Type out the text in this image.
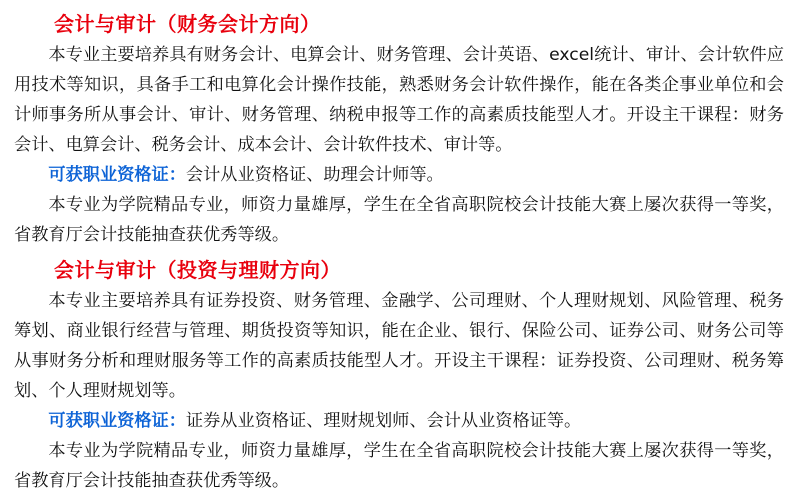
会计与审计（财务会计方向）

本专业主要培养具有财务会计、电算会计、财务管理、会计英语、excel统计、审计、会计软件应用技术等知识，具备手工和电算化会计操作技能，熟悉财务会计软件操作，能在各类企事业单位和会计师事务所从事会计、审计、财务管理、纳税申报等工作的高素质技能型人才。开设主干课程：财务会计、电算会计、税务会计、成本会计、会计软件技术、审计等。

可获职业资格证：会计从业资格证、助理会计师等。

本专业为学院精品专业，师资力量雄厚，学生在全省高职院校会计技能大赛上屡次获得一等奖，省教育厅会计技能抽查获优秀等级。

会计与审计（投资与理财方向）

本专业主要培养具有证券投资、财务管理、金融学、公司理财、个人理财规划、风险管理、税务筹划、商业银行经营与管理、期货投资等知识，能在企业、银行、保险公司、证券公司、财务公司等从事财务分析和理财服务等工作的高素质技能型人才。开设主干课程：证券投资、公司理财、税务筹划、个人理财规划等。

可获职业资格证：证券从业资格证、理财规划师、会计从业资格证等。

本专业为学院精品专业，师资力量雄厚，学生在全省高职院校会计技能大赛上屡次获得一等奖，省教育厅会计技能抽查获优秀等级。
